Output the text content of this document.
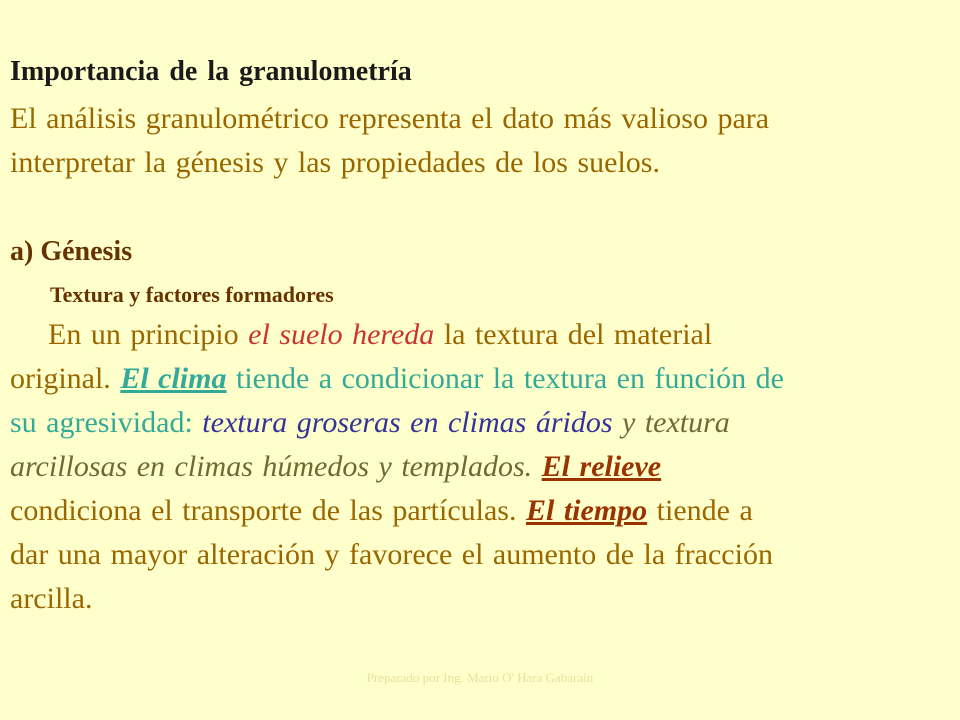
Importancia de la granulometría
El análisis granulométrico representa el dato más valioso para
interpretar la génesis y las propiedades de los suelos.
a) Génesis
Textura y factores formadores
En un principio el suelo hereda la textura del material
original. El clima tiende a condicionar la textura en función de
su agresividad: textura groseras en climas áridos y textura
arcillosas en climas húmedos y templados. El relieve
condiciona el transporte de las partículas. El tiempo tiende a
dar una mayor alteración y favorece el aumento de la fracción
arcilla.
Preparado por Ing. Mario O' Hara Gabarain
